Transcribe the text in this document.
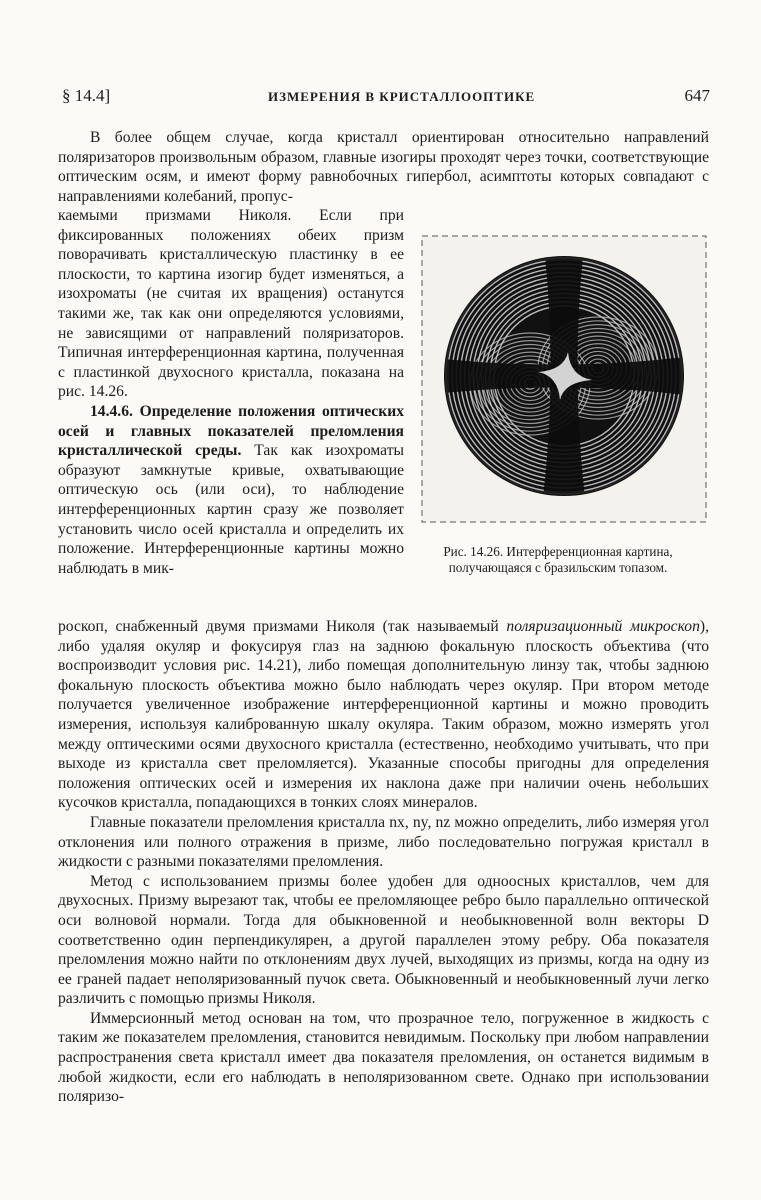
§ 14.4]	ИЗМЕРЕНИЯ В КРИСТАЛЛООПТИКЕ	647

В более общем случае, когда кристалл ориентирован относительно направлений поляризаторов произвольным образом, главные изогиры проходят через точки, соответствующие оптическим осям, и имеют форму равнобочных гипербол, асимптоты которых совпадают с направлениями колебаний, пропус-

каемыми призмами Николя. Если при фиксированных положениях обеих призм поворачивать кристаллическую пластинку в ее плоскости, то картина изогир будет изменяться, а изохроматы (не считая их вращения) останутся такими же, так как они определяются условиями, не зависящими от направлений поляризаторов. Типичная интерференционная картина, полученная с пластинкой двухосного кристалла, показана на рис. 14.26.

14.4.6. Определение положения оптических осей и главных показателей преломления кристаллической среды. Так как изохроматы образуют замкнутые кривые, охватывающие оптическую ось (или оси), то наблюдение интерференционных картин сразу же позволяет установить число осей кристалла и определить их положение. Интерференционные картины можно наблюдать в мик-

Рис. 14.26. Интерференционная картина, получающаяся с бразильским топазом.

роскоп, снабженный двумя призмами Николя (так называемый поляризационный микроскоп), либо удаляя окуляр и фокусируя глаз на заднюю фокальную плоскость объектива (что воспроизводит условия рис. 14.21), либо помещая дополнительную линзу так, чтобы заднюю фокальную плоскость объектива можно было наблюдать через окуляр. При втором методе получается увеличенное изображение интерференционной картины и можно проводить измерения, используя калиброванную шкалу окуляра. Таким образом, можно измерять угол между оптическими осями двухосного кристалла (естественно, необходимо учитывать, что при выходе из кристалла свет преломляется). Указанные способы пригодны для определения положения оптических осей и измерения их наклона даже при наличии очень небольших кусочков кристалла, попадающихся в тонких слоях минералов.

Главные показатели преломления кристалла nx, ny, nz можно определить, либо измеряя угол отклонения или полного отражения в призме, либо последовательно погружая кристалл в жидкости с разными показателями преломления.

Метод с использованием призмы более удобен для одноосных кристаллов, чем для двухосных. Призму вырезают так, чтобы ее преломляющее ребро было параллельно оптической оси волновой нормали. Тогда для обыкновенной и необыкновенной волн векторы D соответственно один перпендикулярен, а другой параллелен этому ребру. Оба показателя преломления можно найти по отклонениям двух лучей, выходящих из призмы, когда на одну из ее граней падает неполяризованный пучок света. Обыкновенный и необыкновенный лучи легко различить с помощью призмы Николя.

Иммерсионный метод основан на том, что прозрачное тело, погруженное в жидкость с таким же показателем преломления, становится невидимым. Поскольку при любом направлении распространения света кристалл имеет два показателя преломления, он останется видимым в любой жидкости, если его наблюдать в неполяризованном свете. Однако при использовании поляризо-
